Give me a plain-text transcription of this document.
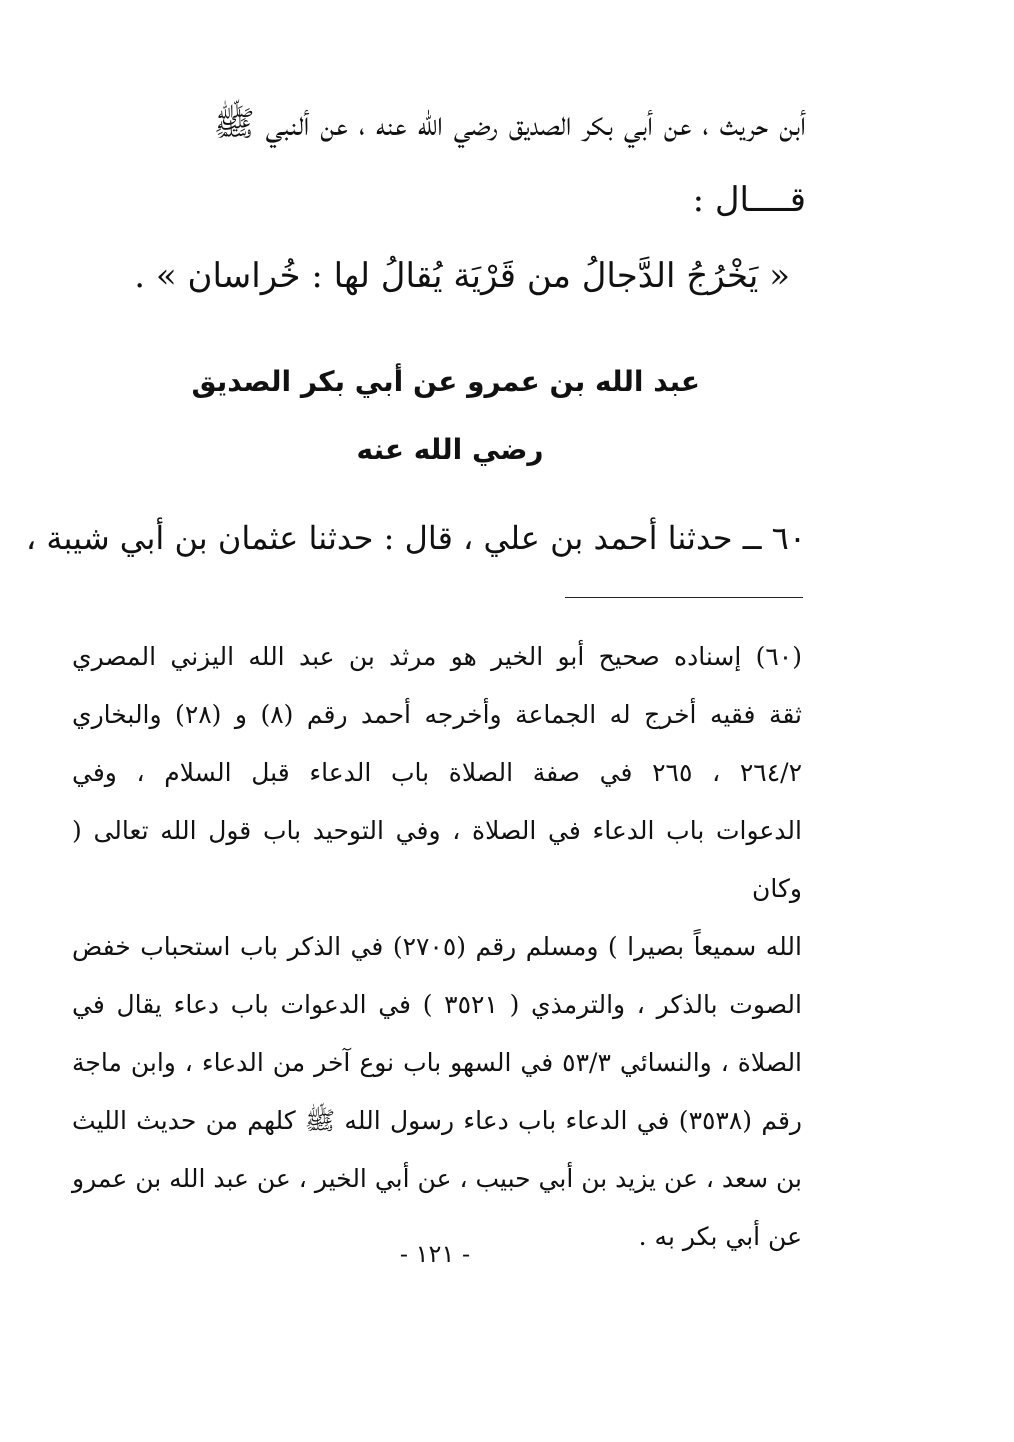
أبن حريث ، عن أبي بكر الصديق رضي الله عنه ، عن ألنبي ﷺ

قــــال :

« يَخْرُجُ الدَّجالُ من قَرْيَة يُقالُ لها : خُراسان » .

عبد الله بن عمرو عن أبي بكر الصديق

رضي الله عنه

٦٠ ــ حدثنا أحمد بن علي ، قال : حدثنا عثمان بن أبي شيبة ،

(٦٠) إسناده صحيح أبو الخير هو مرثد بن عبد الله اليزني المصري
ثقة فقيه أخرج له الجماعة وأخرجه أحمد رقم (٨) و (٢٨) والبخاري
٢٦٤/٢ ، ٢٦٥ في صفة الصلاة باب الدعاء قبل السلام ، وفي
الدعوات باب الدعاء في الصلاة ، وفي التوحيد باب قول الله تعالى ( وكان
الله سميعاً بصيرا ) ومسلم رقم (٢٧٠٥) في الذكر باب استحباب خفض
الصوت بالذكر ، والترمذي ( ٣٥٢١ ) في الدعوات باب دعاء يقال في
الصلاة ، والنسائي ٥٣/٣ في السهو باب نوع آخر من الدعاء ، وابن ماجة
رقم (٣٥٣٨) في الدعاء باب دعاء رسول الله ﷺ كلهم من حديث الليث
بن سعد ، عن يزيد بن أبي حبيب ، عن أبي الخير ، عن عبد الله بن عمرو
عن أبي بكر به .
- ١٢١ -
